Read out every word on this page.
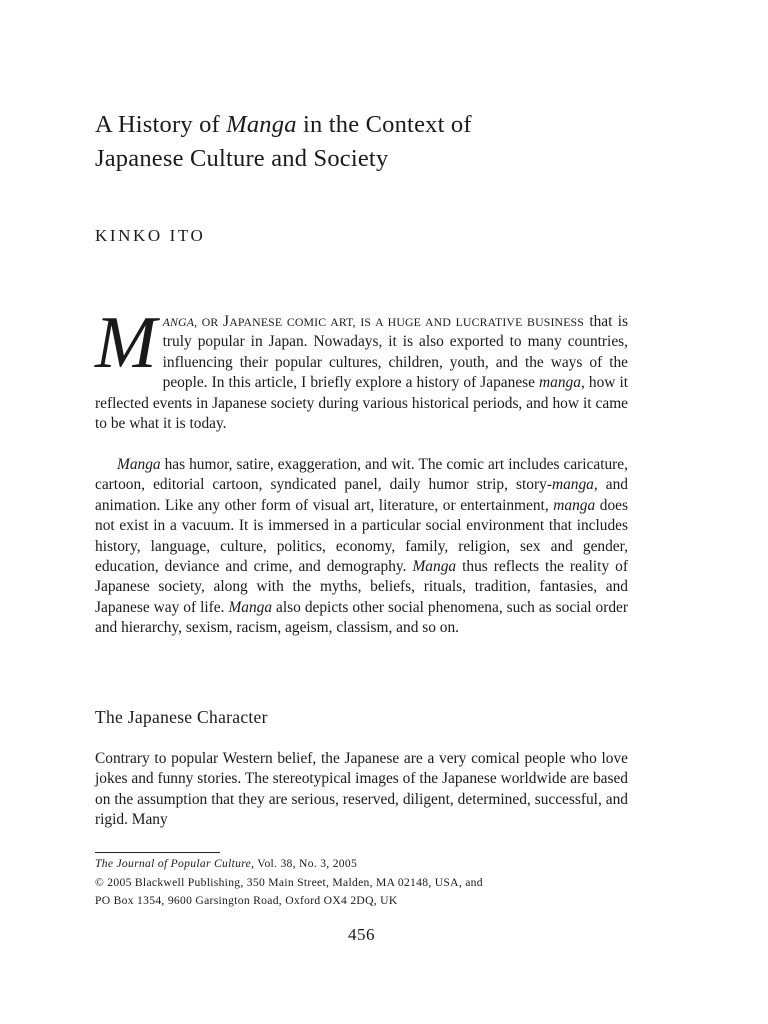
A History of Manga in the Context of
Japanese Culture and Society
KINKO ITO

MANGA, OR JAPANESE COMIC ART, IS A HUGE AND LUCRATIVE BUSINESS that is truly popular in Japan. Nowadays, it is also exported to many countries, influencing their popular cultures, children, youth, and the ways of the people. In this article, I briefly explore a history of Japanese manga, how it reflected events in Japanese society during various historical periods, and how it came to be what it is today.

Manga has humor, satire, exaggeration, and wit. The comic art includes caricature, cartoon, editorial cartoon, syndicated panel, daily humor strip, story-manga, and animation. Like any other form of visual art, literature, or entertainment, manga does not exist in a vacuum. It is immersed in a particular social environment that includes history, language, culture, politics, economy, family, religion, sex and gender, education, deviance and crime, and demography. Manga thus reflects the reality of Japanese society, along with the myths, beliefs, rituals, tradition, fantasies, and Japanese way of life. Manga also depicts other social phenomena, such as social order and hierarchy, sexism, racism, ageism, classism, and so on.

The Japanese Character

Contrary to popular Western belief, the Japanese are a very comical people who love jokes and funny stories. The stereotypical images of the Japanese worldwide are based on the assumption that they are serious, reserved, diligent, determined, successful, and rigid. Many

The Journal of Popular Culture, Vol. 38, No. 3, 2005
© 2005 Blackwell Publishing, 350 Main Street, Malden, MA 02148, USA, and
PO Box 1354, 9600 Garsington Road, Oxford OX4 2DQ, UK

456
